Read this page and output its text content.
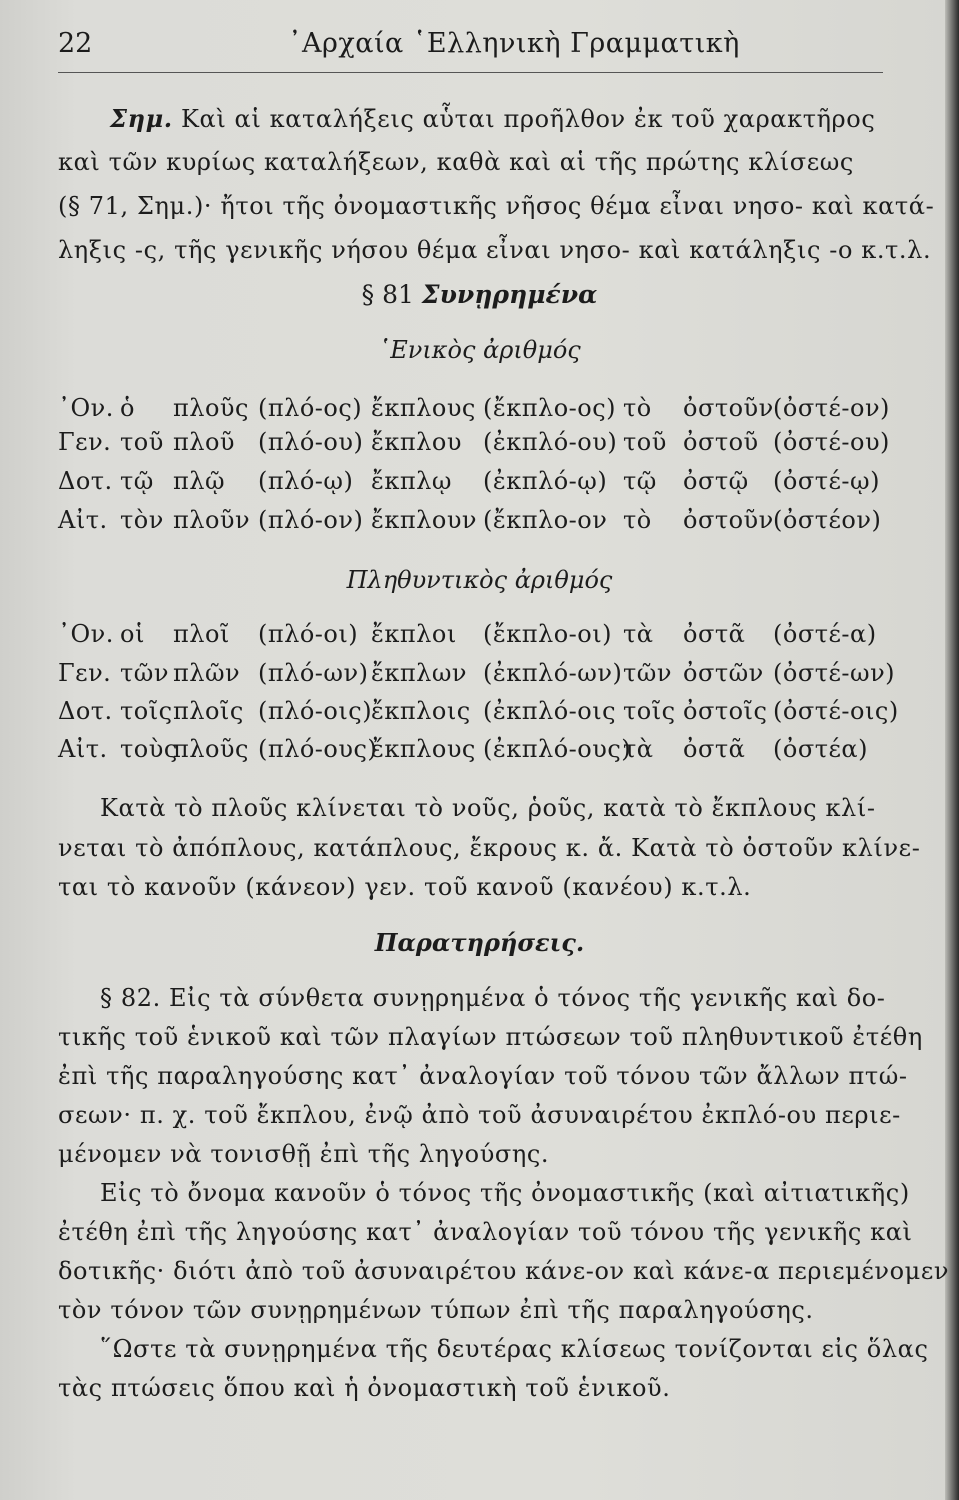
22	᾿Αρχαία ῾Ελληνικὴ Γραμματικὴ
Σημ. Καὶ αἱ καταλήξεις αὗται προῆλθον ἐκ τοῦ χαρακτῆρος
καὶ τῶν κυρίως καταλήξεων, καθὰ καὶ αἱ τῆς πρώτης κλίσεως
(§ 71, Σημ.)· ἤτοι τῆς ὀνομαστικῆς νῆσος θέμα εἶναι νησο- καὶ κατά-
ληξις -ς, τῆς γενικῆς νήσου θέμα εἶναι νησο- καὶ κατάληξις -ο κ.τ.λ.
§ 81 Συνῃρημένα
῾Ενικὸς ἀριθμός
᾿Ον. ὁ πλοῦς (πλό-ος) ἔκπλους (ἔκπλο-ος) τὸ ὀστοῦν (ὀστέ-ον)
Γεν. τοῦ πλοῦ (πλό-ου) ἔκπλου (ἐκπλό-ου) τοῦ ὀστοῦ (ὀστέ-ου)
Δοτ. τῷ πλῷ (πλό-ῳ) ἔκπλῳ (ἐκπλό-ῳ) τῷ ὀστῷ (ὀστέ-ῳ)
Αἰτ. τὸν πλοῦν (πλό-ον) ἔκπλουν (ἔκπλο-ον τὸ ὀστοῦν (ὀστέον)
Πληθυντικὸς ἀριθμός
᾿Ον. οἱ πλοῖ (πλό-οι) ἔκπλοι (ἔκπλο-οι) τὰ ὀστᾶ (ὀστέ-α)
Γεν. τῶν πλῶν (πλό-ων) ἔκπλων (ἐκπλό-ων) τῶν ὀστῶν (ὀστέ-ων)
Δοτ. τοῖς πλοῖς (πλό-οις)
ἔκπλοις (ἐκπλό-οις τοῖς ὀστοῖς (ὀστέ-οις)
Αἰτ. τοὺς
πλοῦς (πλό-ους)
ἔκπλους (ἐκπλό-ους)
τὰ ὀστᾶ (ὀστέα)
Κατὰ τὸ πλοῦς κλίνεται τὸ νοῦς, ῥοῦς, κατὰ τὸ ἔκπλους κλί-
νεται τὸ ἀπόπλους, κατάπλους, ἔκρους κ. ἄ. Κατὰ τὸ ὀστοῦν κλίνε-
ται τὸ κανοῦν (κάνεον) γεν. τοῦ κανοῦ (κανέου) κ.τ.λ.
Παρατηρήσεις.
§ 82. Εἰς τὰ σύνθετα συνῃρημένα ὁ τόνος τῆς γενικῆς καὶ δο-
τικῆς τοῦ ἑνικοῦ καὶ τῶν πλαγίων πτώσεων τοῦ πληθυντικοῦ ἐτέθη
ἐπὶ τῆς παραληγούσης κατ᾿ ἀναλογίαν τοῦ τόνου τῶν ἄλλων πτώ-
σεων· π. χ. τοῦ ἔκπλου, ἐνῷ ἀπὸ τοῦ ἀσυναιρέτου ἐκπλό-ου περιε-
μένομεν νὰ τονισθῇ ἐπὶ τῆς ληγούσης.
Εἰς τὸ ὄνομα κανοῦν ὁ τόνος τῆς ὀνομαστικῆς (καὶ αἰτιατικῆς)
ἐτέθη ἐπὶ τῆς ληγούσης κατ᾿ ἀναλογίαν τοῦ τόνου τῆς γενικῆς καὶ
δοτικῆς· διότι ἀπὸ τοῦ ἀσυναιρέτου κάνε-ον καὶ κάνε-α περιεμένομεν
τὸν τόνον τῶν συνῃρημένων τύπων ἐπὶ τῆς παραληγούσης.
῞Ωστε τὰ συνῃρημένα τῆς δευτέρας κλίσεως τονίζονται εἰς ὅλας
τὰς πτώσεις ὅπου καὶ ἡ ὀνομαστικὴ τοῦ ἑνικοῦ.
